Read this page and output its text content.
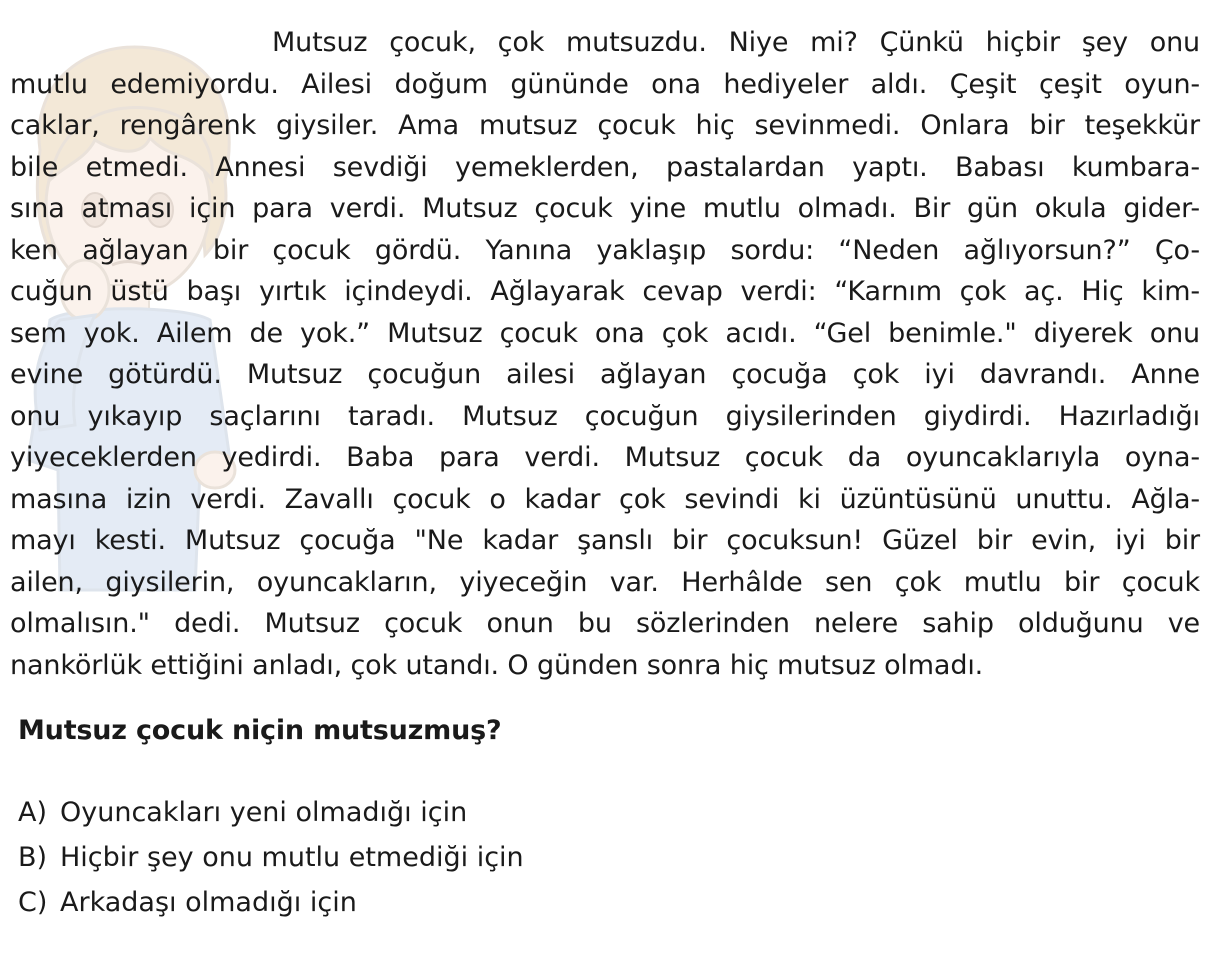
Mutsuz çocuk, çok mutsuzdu. Niye mi? Çünkü hiçbir şey onu
mutlu edemiyordu. Ailesi doğum gününde ona hediyeler aldı. Çeşit çeşit oyun-
caklar, rengârenk giysiler. Ama mutsuz çocuk hiç sevinmedi. Onlara bir teşekkür
bile etmedi. Annesi sevdiği yemeklerden, pastalardan yaptı. Babası kumbara-
sına atması için para verdi. Mutsuz çocuk yine mutlu olmadı. Bir gün okula gider-
ken ağlayan bir çocuk gördü. Yanına yaklaşıp sordu: “Neden ağlıyorsun?” Ço-
cuğun üstü başı yırtık içindeydi. Ağlayarak cevap verdi: “Karnım çok aç. Hiç kim-
sem yok. Ailem de yok.” Mutsuz çocuk ona çok acıdı. “Gel benimle." diyerek onu
evine götürdü. Mutsuz çocuğun ailesi ağlayan çocuğa çok iyi davrandı. Anne
onu yıkayıp saçlarını taradı. Mutsuz çocuğun giysilerinden giydirdi. Hazırladığı
yiyeceklerden yedirdi. Baba para verdi. Mutsuz çocuk da oyuncaklarıyla oyna-
masına izin verdi. Zavallı çocuk o kadar çok sevindi ki üzüntüsünü unuttu. Ağla-
mayı kesti. Mutsuz çocuğa "Ne kadar şanslı bir çocuksun! Güzel bir evin, iyi bir
ailen, giysilerin, oyuncakların, yiyeceğin var. Herhâlde sen çok mutlu bir çocuk
olmalısın." dedi. Mutsuz çocuk onun bu sözlerinden nelere sahip olduğunu ve
nankörlük ettiğini anladı, çok utandı. O günden sonra hiç mutsuz olmadı.

Mutsuz çocuk niçin mutsuzmuş?

A) Oyuncakları yeni olmadığı için
B) Hiçbir şey onu mutlu etmediği için
C) Arkadaşı olmadığı için
